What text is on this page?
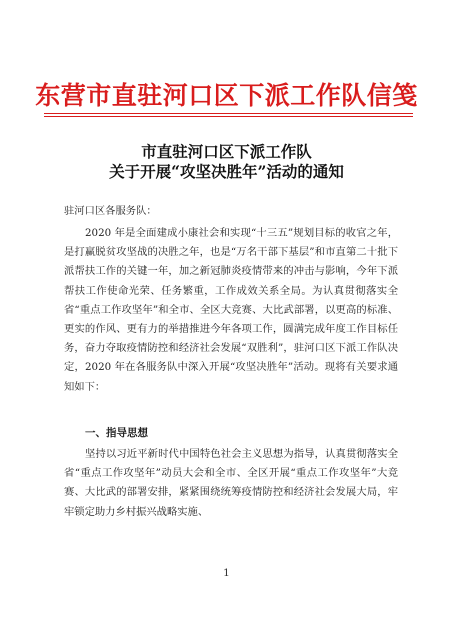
东营市直驻河口区下派工作队信笺
市直驻河口区下派工作队
关于开展“攻坚决胜年”活动的通知
驻河口区各服务队：
2020 年是全面建成小康社会和实现“十三五”规划目标的收官之年，是打赢脱贫攻坚战的决胜之年，也是“万名干部下基层”和市直第二十批下派帮扶工作的关键一年，加之新冠肺炎疫情带来的冲击与影响，今年下派帮扶工作使命光荣、任务繁重，工作成效关系全局。为认真贯彻落实全省“重点工作攻坚年”和全市、全区大竞赛、大比武部署，以更高的标准、更实的作风、更有力的举措推进今年各项工作，圆满完成年度工作目标任务，奋力夺取疫情防控和经济社会发展“双胜利”，驻河口区下派工作队决定，2020 年在各服务队中深入开展“攻坚决胜年”活动。现将有关要求通知如下：
一、指导思想
坚持以习近平新时代中国特色社会主义思想为指导，认真贯彻落实全省“重点工作攻坚年”动员大会和全市、全区开展“重点工作攻坚年”大竞赛、大比武的部署安排，紧紧围绕统筹疫情防控和经济社会发展大局，牢牢锁定助力乡村振兴战略实施、
1
